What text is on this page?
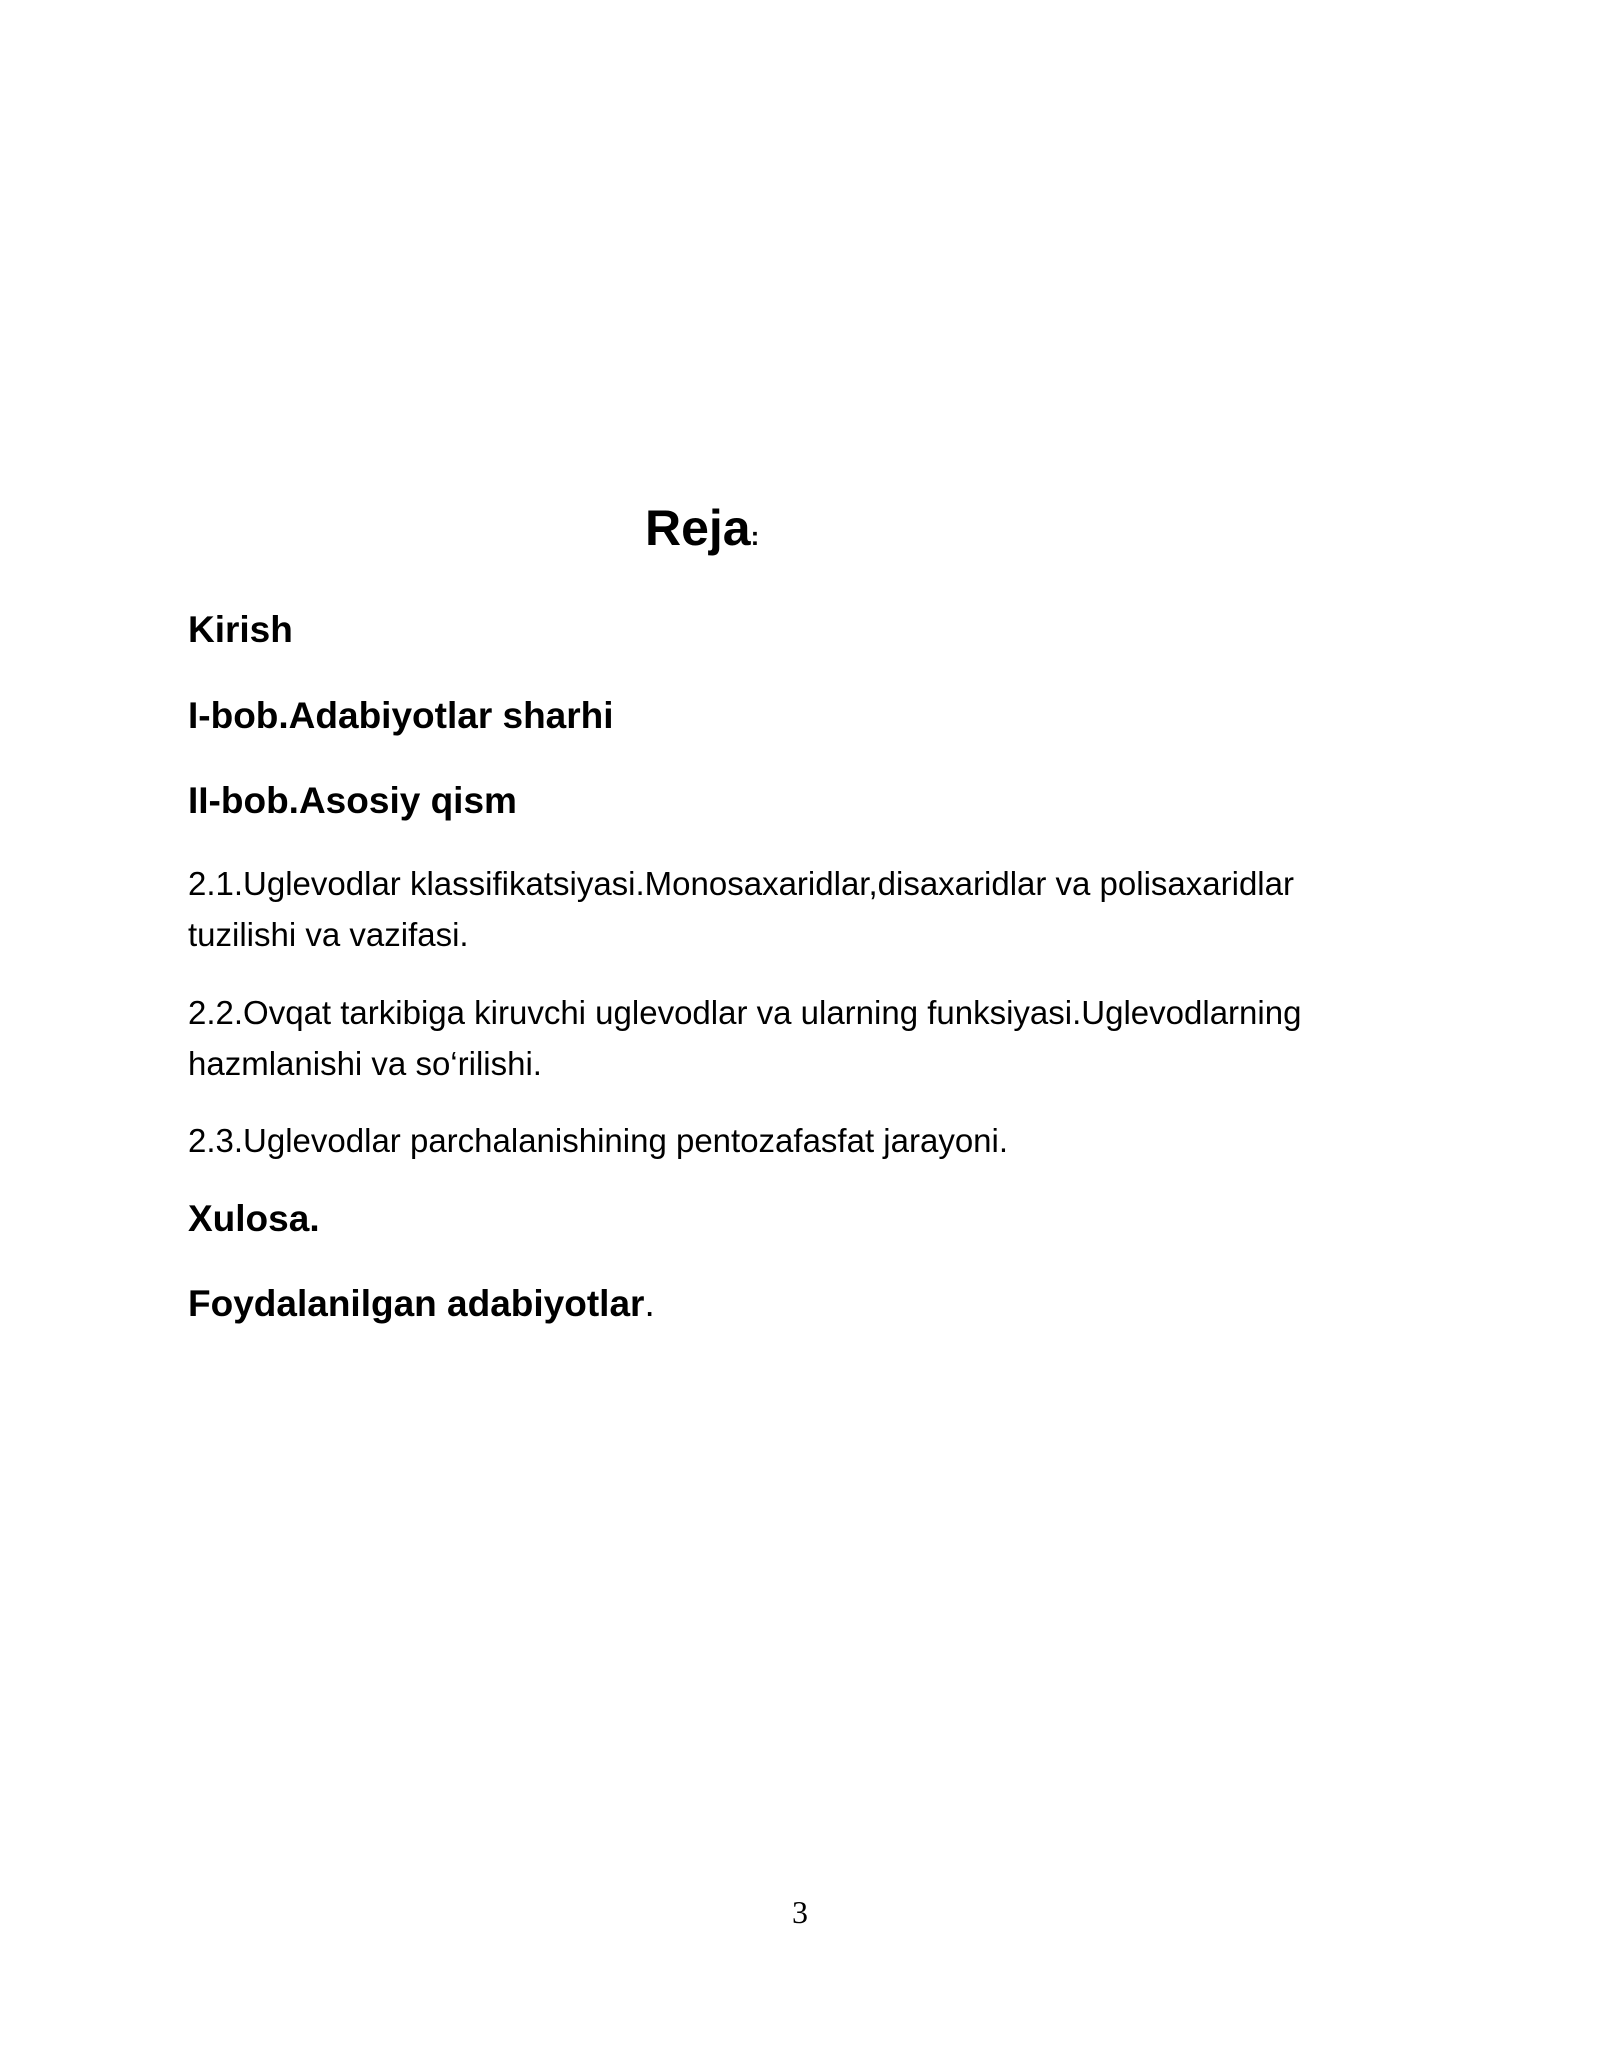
Reja:
Kirish
I-bob.Adabiyotlar sharhi
II-bob.Asosiy qism
2.1.Uglevodlar klassifikatsiyasi.Monosaxaridlar,disaxaridlar va polisaxaridlar
tuzilishi va vazifasi.
2.2.Ovqat tarkibiga kiruvchi uglevodlar va ularning funksiyasi.Uglevodlarning
hazmlanishi va so‘rilishi.
2.3.Uglevodlar parchalanishining pentozafasfat jarayoni.
Xulosa.
Foydalanilgan adabiyotlar.
3
